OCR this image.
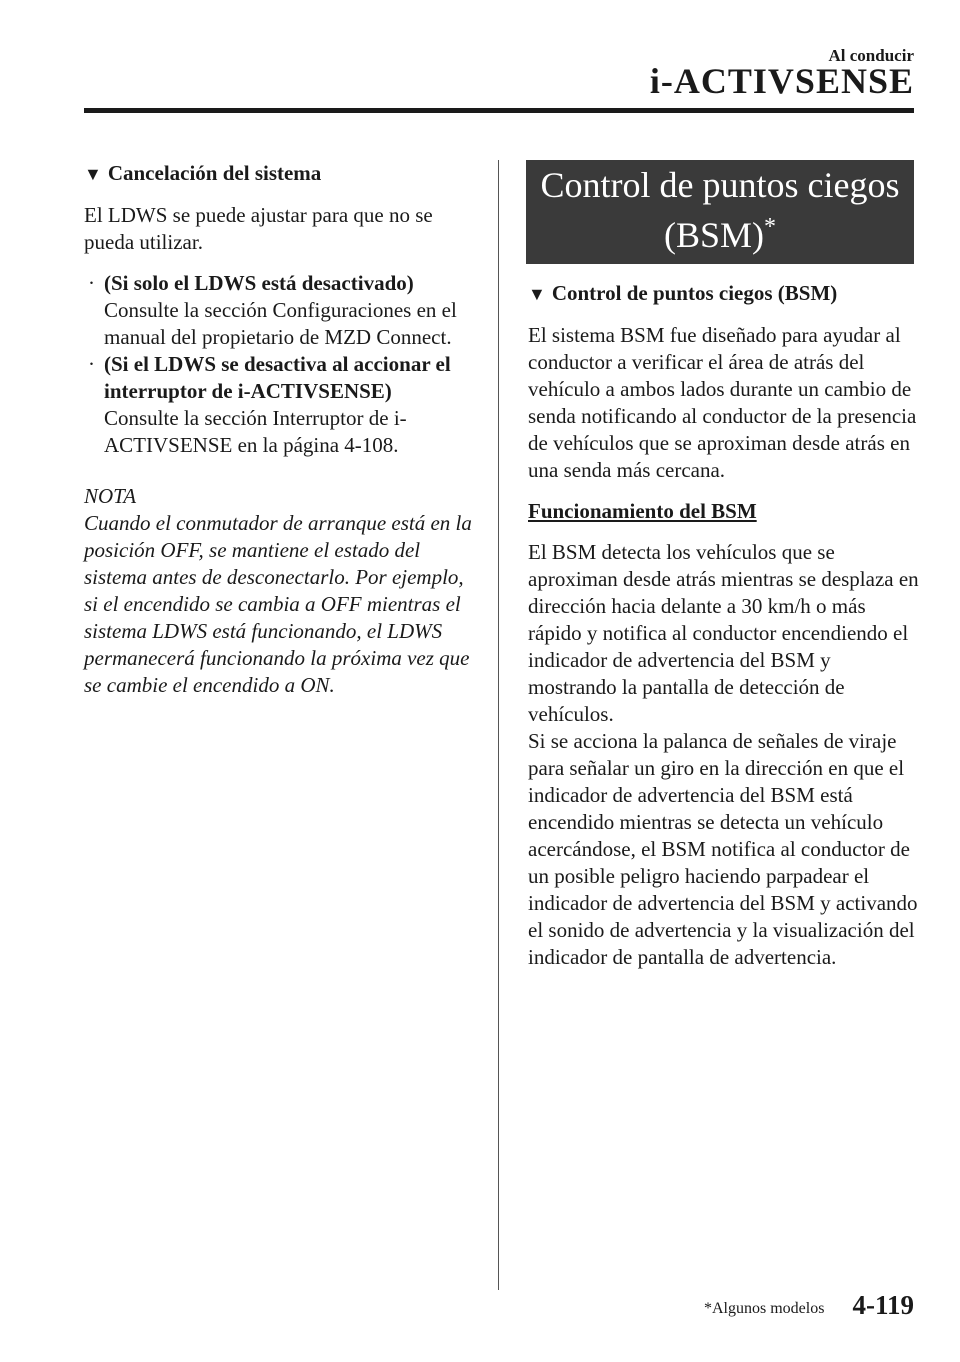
Al conducir
i-ACTIVSENSE
▼ Cancelación del sistema

El LDWS se puede ajustar para que no se pueda utilizar.

· (Si solo el LDWS está desactivado)
Consulte la sección Configuraciones en el manual del propietario de MZD Connect.
· (Si el LDWS se desactiva al accionar el interruptor de i-ACTIVSENSE)
Consulte la sección Interruptor de i-ACTIVSENSE en la página 4-108.
NOTA
Cuando el conmutador de arranque está en la posición OFF, se mantiene el estado del sistema antes de desconectarlo. Por ejemplo, si el encendido se cambia a OFF mientras el sistema LDWS está funcionando, el LDWS permanecerá funcionando la próxima vez que se cambie el encendido a ON.
Control de puntos ciegos
(BSM)*
▼ Control de puntos ciegos (BSM)

El sistema BSM fue diseñado para ayudar al conductor a verificar el área de atrás del vehículo a ambos lados durante un cambio de senda notificando al conductor de la presencia de vehículos que se aproximan desde atrás en una senda más cercana.

Funcionamiento del BSM

El BSM detecta los vehículos que se aproximan desde atrás mientras se desplaza en dirección hacia delante a 30 km/h o más rápido y notifica al conductor encendiendo el indicador de advertencia del BSM y mostrando la pantalla de detección de vehículos.

Si se acciona la palanca de señales de viraje para señalar un giro en la dirección en que el indicador de advertencia del BSM está encendido mientras se detecta un vehículo acercándose, el BSM notifica al conductor de un posible peligro haciendo parpadear el indicador de advertencia del BSM y activando el sonido de advertencia y la visualización del indicador de pantalla de advertencia.

*Algunos modelos 4-119
